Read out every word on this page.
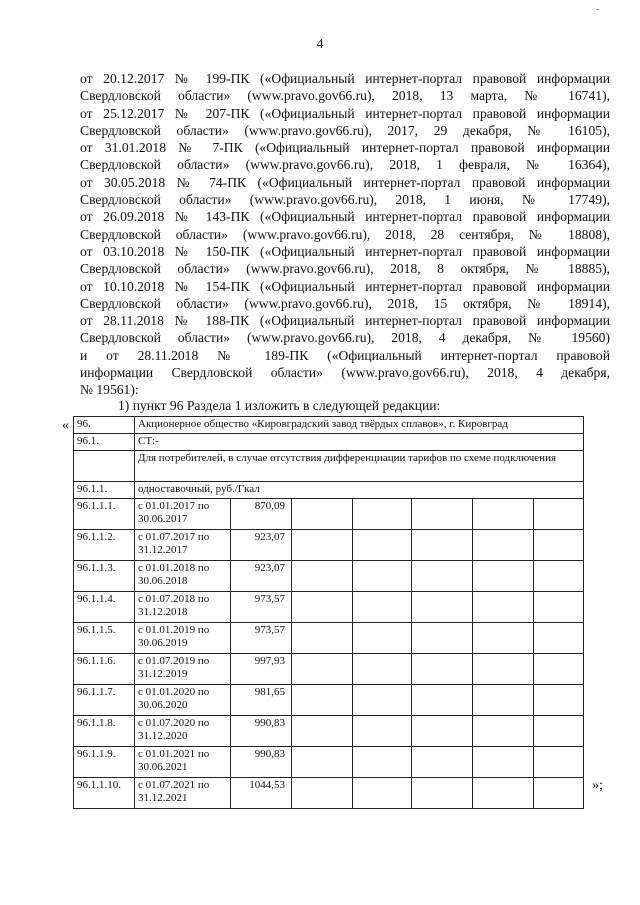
-
4

от 20.12.2017 № 199-ПК («Официальный интернет-портал правовой информации

Свердловской области» (www.pravo.gov66.ru), 2018, 13 марта, № 16741),

от 25.12.2017 № 207-ПК («Официальный интернет-портал правовой информации

Свердловской области» (www.pravo.gov66.ru), 2017, 29 декабря, № 16105),

от 31.01.2018 № 7-ПК («Официальный интернет-портал правовой информации

Свердловской области» (www.pravo.gov66.ru), 2018, 1 февраля, № 16364),

от 30.05.2018 № 74-ПК («Официальный интернет-портал правовой информации

Свердловской области» (www.pravo.gov66.ru), 2018, 1 июня, № 17749),

от 26.09.2018 № 143-ПК («Официальный интернет-портал правовой информации

Свердловской области» (www.pravo.gov66.ru), 2018, 28 сентября, № 18808),

от 03.10.2018 № 150-ПК («Официальный интернет-портал правовой информации

Свердловской области» (www.pravo.gov66.ru), 2018, 8 октября, № 18885),

от 10.10.2018 № 154-ПК («Официальный интернет-портал правовой информации

Свердловской области» (www.pravo.gov66.ru), 2018, 15 октября, № 18914),

от 28.11.2018 № 188-ПК («Официальный интернет-портал правовой информации

Свердловской области» (www.pravo.gov66.ru), 2018, 4 декабря, № 19560)

и от 28.11.2018 № 189-ПК («Официальный интернет-портал правовой

информации Свердловской области» (www.pravo.gov66.ru), 2018, 4 декабря,

№ 19561):

1) пункт 96 Раздела 1 изложить в следующей редакции:
« 96.	Акционерное общество «Кировградский завод твёрдых сплавов», г. Кировград						
96.1.	СТ:-						
	Для потребителей, в случае отсутствия дифференциации тарифов по схеме подключения						
96.1.1.	одноставочный, руб./Гкал						
96.1.1.1.	с 01.01.2017 по 30.06.2017	870,09					
96.1.1.2.	с 01.07.2017 по 31.12.2017	923,07					
96.1.1.3.	с 01.01.2018 по 30.06.2018	923,07					
96.1.1.4.	с 01.07.2018 по 31.12.2018	973,57					
96.1.1.5.	с 01.01.2019 по 30.06.2019	973,57					
96.1.1.6.	с 01.07.2019 по 31.12.2019	997,93					
96.1.1.7.	с 01.01.2020 по 30.06.2020	981,65					
96.1.1.8.	с 01.07.2020 по 31.12.2020	990,83					
96.1.1.9.	с 01.01.2021 по 30.06.2021	990,83					
96.1.1.10.	с 01.07.2021 по 31.12.2021	1044,53						»;
